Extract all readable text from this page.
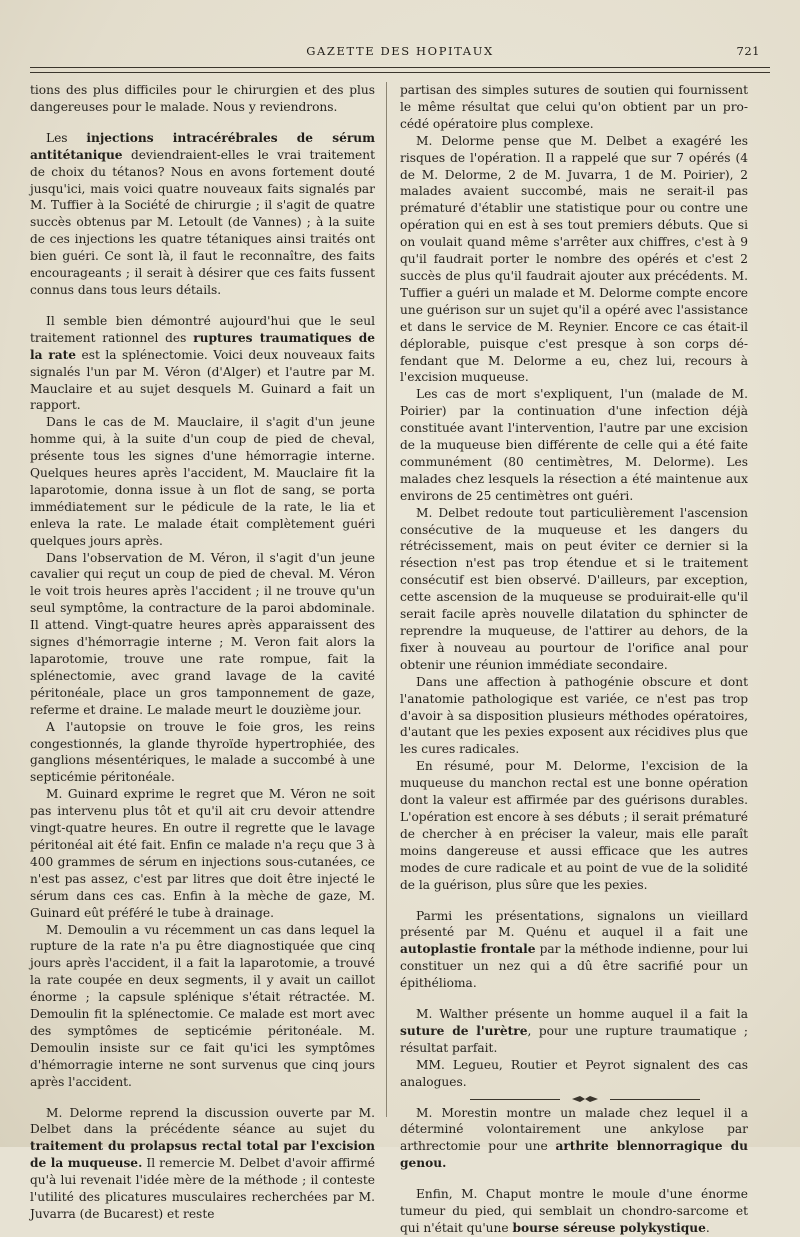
GAZETTE DES HOPITAUX	721

tions des plus difficiles pour le chirurgien et des plus dangereuses pour le malade. Nous y reviendrons.

Les injections intracérébrales de sérum antitétanique deviendraient-elles le vrai traitement de choix du tétanos? Nous en avons fortement douté jusqu'ici, mais voici quatre nouveaux faits signalés par M. Tuffier à la Société de chirurgie ; il s'agit de quatre succès obtenus par M. Letoult (de Vannes) ; à la suite de ces injections les quatre tétaniques ainsi traités ont bien guéri. Ce sont là, il faut le reconnaître, des faits encourageants ; il serait à désirer que ces faits fussent connus dans tous leurs détails.

Il semble bien démontré aujourd'hui que le seul traitement rationnel des ruptures traumatiques de la rate est la splénectomie. Voici deux nouveaux faits signalés l'un par M. Véron (d'Alger) et l'autre par M. Mauclaire et au sujet desquels M. Guinard a fait un rapport.

Dans le cas de M. Mauclaire, il s'agit d'un jeune homme qui, à la suite d'un coup de pied de cheval, présente tous les signes d'une hémorragie interne. Quelques heures après l'accident, M. Mauclaire fit la laparotomie, donna issue à un flot de sang, se porta immédiatement sur le pédicule de la rate, le lia et enleva la rate. Le malade était complètement guéri quelques jours après.

Dans l'observation de M. Véron, il s'agit d'un jeune cavalier qui reçut un coup de pied de cheval. M. Véron le voit trois heures après l'accident ; il ne trouve qu'un seul symptôme, la contracture de la paroi abdominale. Il attend. Vingt-quatre heures après apparaissent des signes d'hémorragie interne ; M. Veron fait alors la laparotomie, trouve une rate rompue, fait la splénectomie, avec grand lavage de la cavité péritonéale, place un gros tamponnement de gaze, referme et draine. Le malade meurt le douzième jour.

A l'autopsie on trouve le foie gros, les reins congestionnés, la glande thyroïde hypertrophiée, des ganglions mésentériques, le malade a succombé à une septicémie péritonéale.

M. Guinard exprime le regret que M. Véron ne soit pas intervenu plus tôt et qu'il ait cru devoir attendre vingt-quatre heures. En outre il regrette que le lavage péritonéal ait été fait. Enfin ce malade n'a reçu que 3 à 400 grammes de sérum en injections sous-cutanées, ce n'est pas assez, c'est par litres que doit être injecté le sérum dans ces cas. Enfin à la mèche de gaze, M. Guinard eût préféré le tube à drainage.

M. Demoulin a vu récemment un cas dans lequel la rupture de la rate n'a pu être diagnostiquée que cinq jours après l'accident, il a fait la laparotomie, a trouvé la rate coupée en deux segments, il y avait un caillot énorme ; la capsule splénique s'était rétractée. M. Demoulin fit la splénectomie. Ce malade est mort avec des symptômes de septicémie péritonéale. M. Demoulin insiste sur ce fait qu'ici les symptômes d'hémorragie interne ne sont survenus que cinq jours après l'accident.

M. Delorme reprend la discussion ouverte par M. Delbet dans la précédente séance au sujet du traitement du prolapsus rectal total par l'excision de la muqueuse. Il remercie M. Delbet d'avoir affirmé qu'à lui revenait l'idée mère de la méthode ; il conteste l'utilité des plicatures musculaires recherchées par M. Juvarra (de Bucarest) et reste

partisan des simples sutures de soutien qui fournissent le même résultat que celui qu'on obtient par un procédé opératoire plus complexe.

M. Delorme pense que M. Delbet a exagéré les risques de l'opération. Il a rappelé que sur 7 opérés (4 de M. Delorme, 2 de M. Juvarra, 1 de M. Poirier), 2 malades avaient succombé, mais ne serait-il pas prématuré d'établir une statistique pour ou contre une opération qui en est à ses tout premiers débuts. Que si on voulait quand même s'arrêter aux chiffres, c'est à 9 qu'il faudrait porter le nombre des opérés et c'est 2 succès de plus qu'il faudrait ajouter aux précédents. M. Tuffier a guéri un malade et M. Delorme compte encore une guérison sur un sujet qu'il a opéré avec l'assistance et dans le service de M. Reynier. Encore ce cas était-il déplorable, puisque c'est presque à son corps défendant que M. Delorme a eu, chez lui, recours à l'excision muqueuse.

Les cas de mort s'expliquent, l'un (malade de M. Poirier) par la continuation d'une infection déjà constituée avant l'intervention, l'autre par une excision de la muqueuse bien différente de celle qui a été faite communément (80 centimètres, M. Delorme). Les malades chez lesquels la résection a été maintenue aux environs de 25 centimètres ont guéri.

M. Delbet redoute tout particulièrement l'ascension consécutive de la muqueuse et les dangers du rétrécissement, mais on peut éviter ce dernier si la résection n'est pas trop étendue et si le traitement consécutif est bien observé. D'ailleurs, par exception, cette ascension de la muqueuse se produirait-elle qu'il serait facile après nouvelle dilatation du sphincter de reprendre la muqueuse, de l'attirer au dehors, de la fixer à nouveau au pourtour de l'orifice anal pour obtenir une réunion immédiate secondaire.

Dans une affection à pathogénie obscure et dont l'anatomie pathologique est variée, ce n'est pas trop d'avoir à sa disposition plusieurs méthodes opératoires, d'autant que les pexies exposent aux récidives plus que les cures radicales.

En résumé, pour M. Delorme, l'excision de la muqueuse du manchon rectal est une bonne opération dont la valeur est affirmée par des guérisons durables. L'opération est encore à ses débuts ; il serait prématuré de chercher à en préciser la valeur, mais elle paraît moins dangereuse et aussi efficace que les autres modes de cure radicale et au point de vue de la solidité de la guérison, plus sûre que les pexies.

Parmi les présentations, signalons un vieillard présenté par M. Quénu et auquel il a fait une autoplastie frontale par la méthode indienne, pour lui constituer un nez qui a dû être sacrifié pour un épithélioma.

M. Walther présente un homme auquel il a fait la suture de l'urètre, pour une rupture traumatique ; résultat parfait.

MM. Legueu, Routier et Peyrot signalent des cas analogues.

M. Morestin montre un malade chez lequel il a déterminé volontairement une ankylose par arthrectomie pour une arthrite blennorragique du genou.

Enfin, M. Chaput montre le moule d'une énorme tumeur du pied, qui semblait un chondro-sarcome et qui n'était qu'une bourse séreuse polykystique.
